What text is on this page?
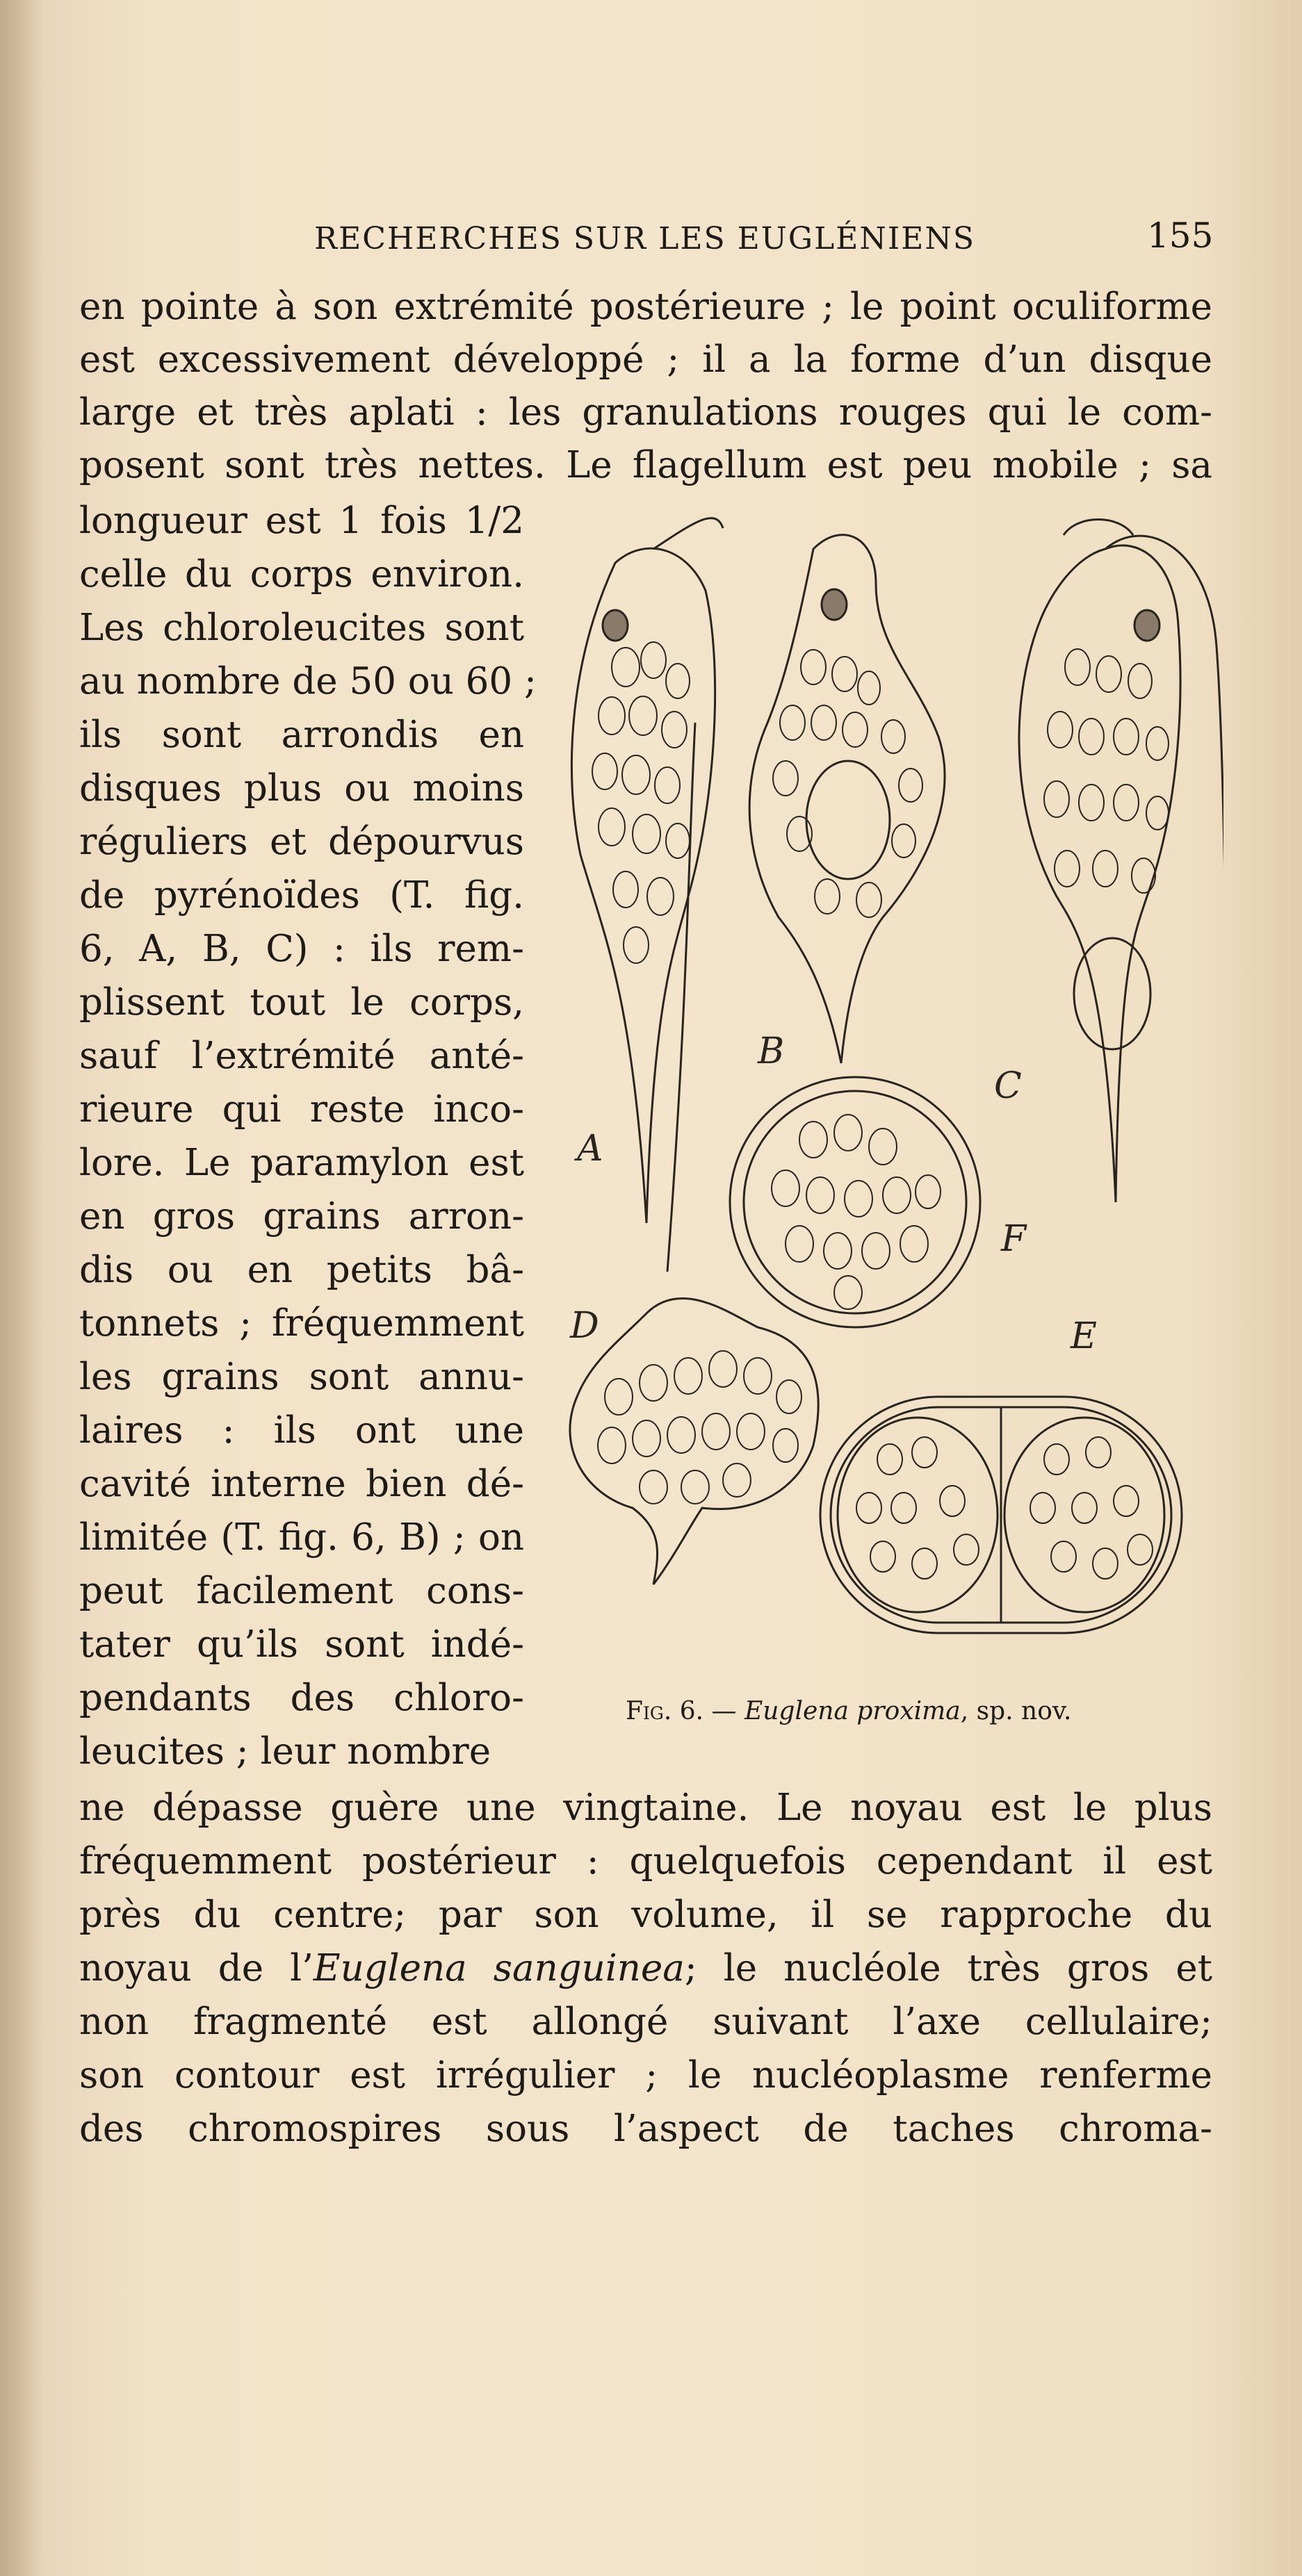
RECHERCHES SUR LES EUGLÉNIENS	155
en pointe à son extrémité postérieure ; le point oculiforme
est excessivement développé ; il a la forme d’un disque
large et très aplati : les granulations rouges qui le com-
posent sont très nettes. Le flagellum est peu mobile ; sa
longueur est 1 fois 1/2
celle du corps environ.
Les chloroleucites sont
au nombre de 50 ou 60 ;
ils sont arrondis en
disques plus ou moins
réguliers et dépourvus
de pyrénoïdes (T. fig.
6, A, B, C) : ils rem-
plissent tout le corps,
sauf l’extrémité anté-
rieure qui reste inco-
lore. Le paramylon est
en gros grains arron-
dis ou en petits bâ-
tonnets ; fréquemment
les grains sont annu-
laires : ils ont une
cavité interne bien dé-
limitée (T. fig. 6, B) ; on
peut facilement cons-
tater qu’ils sont indé-
pendants des chloro-
leucites ; leur nombre
A
B
C
D	E
F
Fig. 6. — Euglena proxima, sp. nov.
ne dépasse guère une vingtaine. Le noyau est le plus
fréquemment postérieur : quelquefois cependant il est
près du centre; par son volume, il se rapproche du
noyau de l’Euglena sanguinea; le nucléole très gros et
non fragmenté est allongé suivant l’axe cellulaire;
son contour est irrégulier ; le nucléoplasme renferme
des chromospires sous l’aspect de taches chroma-
